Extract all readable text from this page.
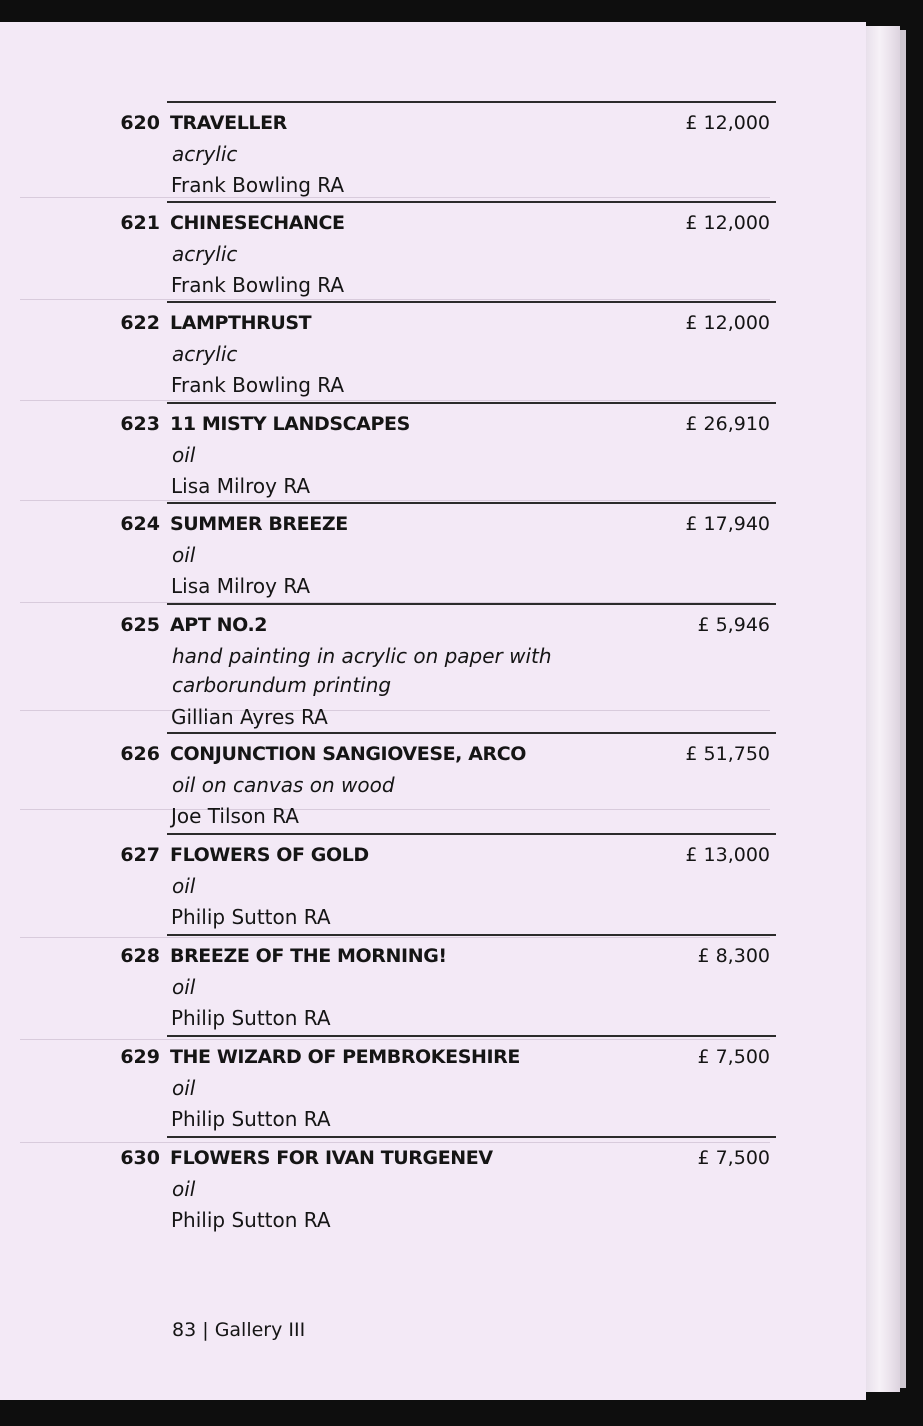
620 TRAVELLER	£ 12,000
acrylic
Frank Bowling RA
621 CHINESECHANCE	£ 12,000
acrylic
Frank Bowling RA
622 LAMPTHRUST	£ 12,000
acrylic
Frank Bowling RA
623 11 MISTY LANDSCAPES	£ 26,910
oil
Lisa Milroy RA
624 SUMMER BREEZE	£ 17,940
oil
Lisa Milroy RA
625 APT NO.2	£ 5,946
hand painting in acrylic on paper with
carborundum printing
Gillian Ayres RA
626 CONJUNCTION SANGIOVESE, ARCO	£ 51,750
oil on canvas on wood
Joe Tilson RA
627 FLOWERS OF GOLD	£ 13,000
oil
Philip Sutton RA
628 BREEZE OF THE MORNING!	£ 8,300
oil
Philip Sutton RA
629 THE WIZARD OF PEMBROKESHIRE	£ 7,500
oil
Philip Sutton RA
630 FLOWERS FOR IVAN TURGENEV	£ 7,500
oil
Philip Sutton RA
83 | Gallery III
